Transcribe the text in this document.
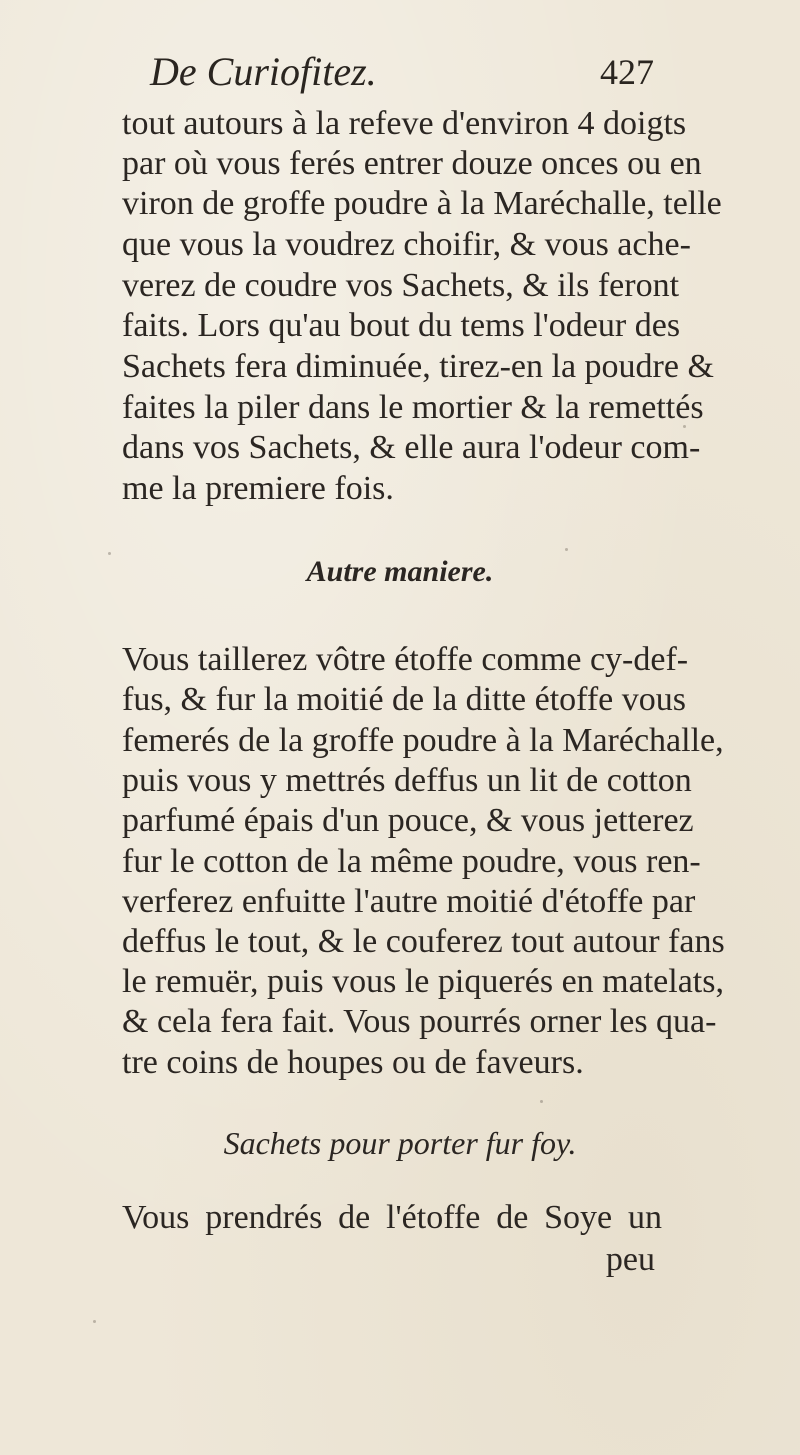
De Curiofitez.	427
tout autours à la refeve d'environ 4 doigts
par où vous ferés entrer douze onces ou en
viron de groffe poudre à la Maréchalle, telle
que vous la voudrez choifir, & vous ache-
verez de coudre vos Sachets, & ils feront
faits. Lors qu'au bout du tems l'odeur des
Sachets fera diminuée, tirez-en la poudre &
faites la piler dans le mortier & la remettés
dans vos Sachets, & elle aura l'odeur com-
me la premiere fois.
Autre maniere.
Vous taillerez vôtre étoffe comme cy-def-
fus, & fur la moitié de la ditte étoffe vous
femerés de la groffe poudre à la Maréchalle,
puis vous y mettrés deffus un lit de cotton
parfumé épais d'un pouce, & vous jetterez
fur le cotton de la même poudre, vous ren-
verferez enfuitte l'autre moitié d'étoffe par
deffus le tout, & le couferez tout autour fans
le remuër, puis vous le piquerés en matelats,
& cela fera fait. Vous pourrés orner les qua-
tre coins de houpes ou de faveurs.
Sachets pour porter fur foy.
Vous prendrés de l'étoffe de Soye un
peu
